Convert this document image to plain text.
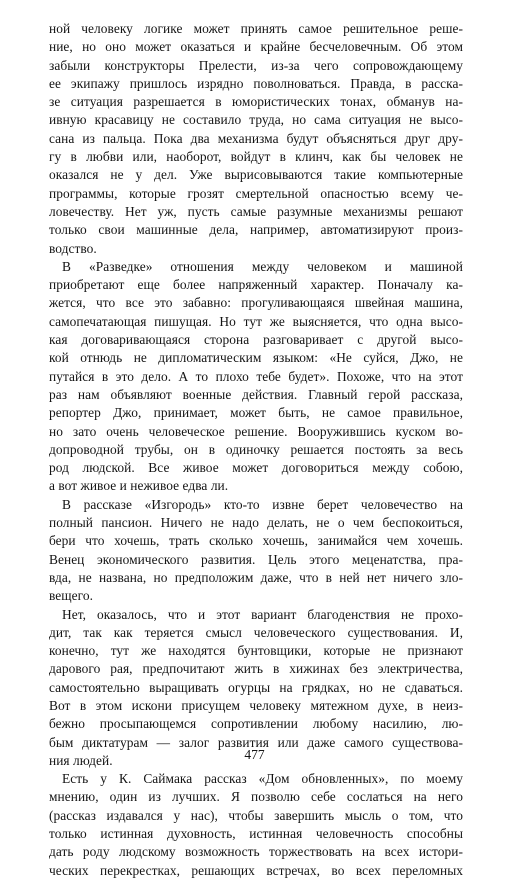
ной человеку логике может принять самое решительное реше-
ние, но оно может оказаться и крайне бесчеловечным. Об этом
забыли конструкторы Прелести, из-за чего сопровождающему
ее экипажу пришлось изрядно поволноваться. Правда, в расска-
зе ситуация разрешается в юмористических тонах, обманув на-
ивную красавицу не составило труда, но сама ситуация не высо-
сана из пальца. Пока два механизма будут объясняться друг дру-
гу в любви или, наоборот, войдут в клинч, как бы человек не
оказался не у дел. Уже вырисовываются такие компьютерные
программы, которые грозят смертельной опасностью всему че-
ловечеству. Нет уж, пусть самые разумные механизмы решают
только свои машинные дела, например, автоматизируют произ-
водство.
В «Разведке» отношения между человеком и машиной
приобретают еще более напряженный характер. Поначалу ка-
жется, что все это забавно: прогуливающаяся швейная машина,
самопечатающая пишущая. Но тут же выясняется, что одна высо-
кая договаривающаяся сторона разговаривает с другой высо-
кой отнюдь не дипломатическим языком: «Не суйся, Джо, не
путайся в это дело. А то плохо тебе будет». Похоже, что на этот
раз нам объявляют военные действия. Главный герой рассказа,
репортер Джо, принимает, может быть, не самое правильное,
но зато очень человеческое решение. Вооружившись куском во-
допроводной трубы, он в одиночку решается постоять за весь
род людской. Все живое может договориться между собою,
а вот живое и неживое едва ли.
В рассказе «Изгородь» кто-то извне берет человечество на
полный пансион. Ничего не надо делать, не о чем беспокоиться,
бери что хочешь, трать сколько хочешь, занимайся чем хочешь.
Венец экономического развития. Цель этого меценатства, пра-
вда, не названа, но предположим даже, что в ней нет ничего зло-
вещего.
Нет, оказалось, что и этот вариант благоденствия не прохо-
дит, так как теряется смысл человеческого существования. И,
конечно, тут же находятся бунтовщики, которые не признают
дарового рая, предпочитают жить в хижинах без электричества,
самостоятельно выращивать огурцы на грядках, но не сдаваться.
Вот в этом искони присущем человеку мятежном духе, в неиз-
бежно просыпающемся сопротивлении любому насилию, лю-
бым диктатурам — залог развития или даже самого существова-
ния людей.
Есть у К. Саймака рассказ «Дом обновленных», по моему
мнению, один из лучших. Я позволю себе сослаться на него
(рассказ издавался у нас), чтобы завершить мысль о том, что
только истинная духовность, истинная человечность способны
дать роду людскому возможность торжествовать на всех истори-
ческих перекрестках, решающих встречах, во всех переломных
477
